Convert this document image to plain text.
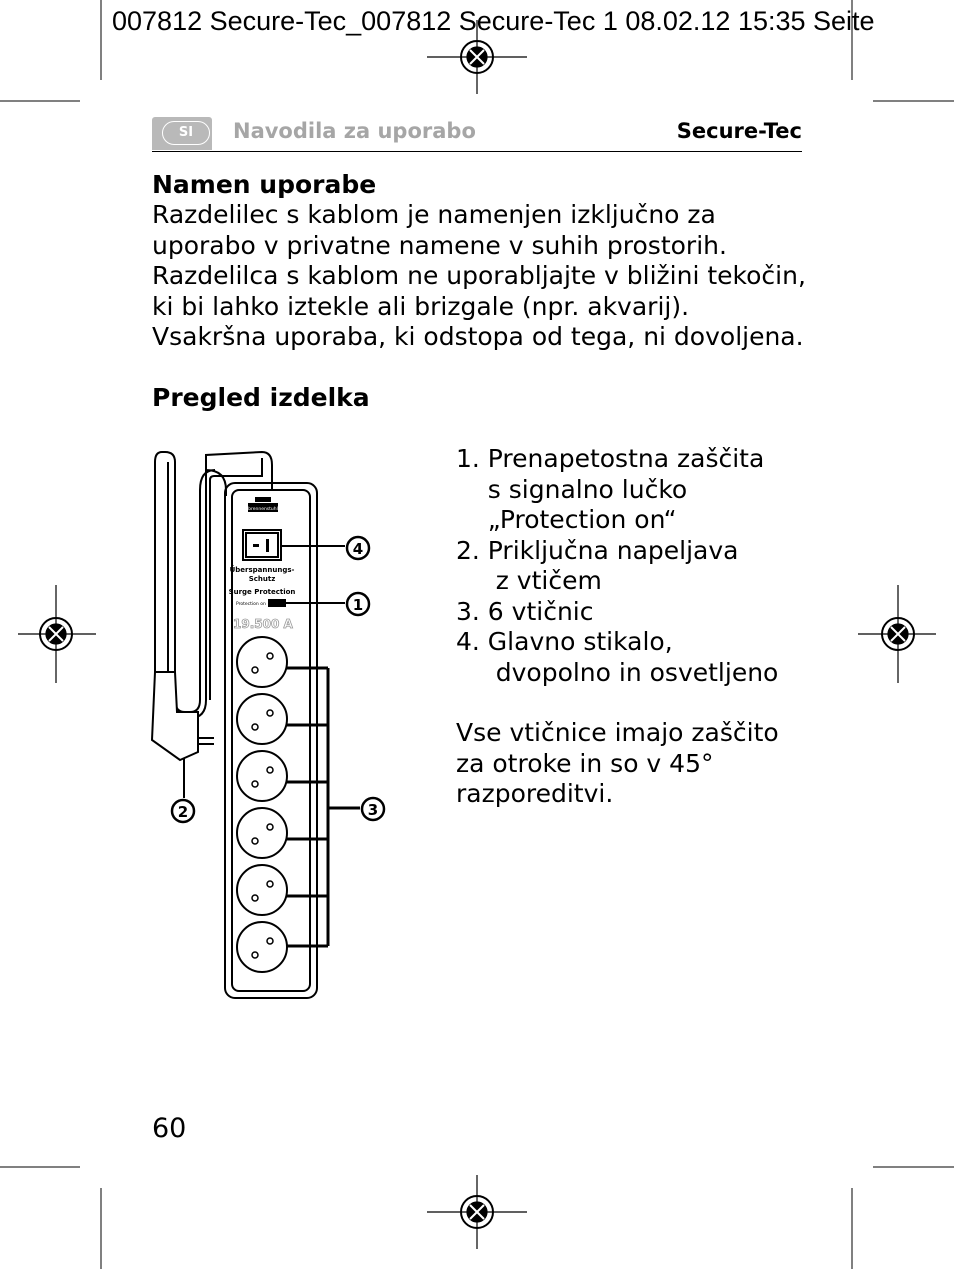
007812 Secure-Tec_007812 Secure-Tec 1 08.02.12 15:35 Seite
SI	Navodila za uporabo	Secure-Tec
Namen uporabe
Razdelilec s kablom je namenjen izključno za
uporabo v privatne namene v suhih prostorih.
Razdelilca s kablom ne uporabljajte v bližini tekočin,
ki bi lahko iztekle ali brizgale (npr. akvarij).
Vsakršna uporaba, ki odstopa od tega, ni dovoljena.
Pregled izdelka
1. Prenapetostna zaščita
s signalno lučko
„Protection on“
2. Priključna napeljava
z vtičem
3. 6 vtičnic
4. Glavno stikalo,
dvopolno in osvetljeno
Vse vtičnice imajo zaščito
za otroke in so v 45°
razporeditvi.
brennenstuhl
Überspannungs-
Schutz
Surge Protection
Protection on
19.500 A
4
1
3
2
60
